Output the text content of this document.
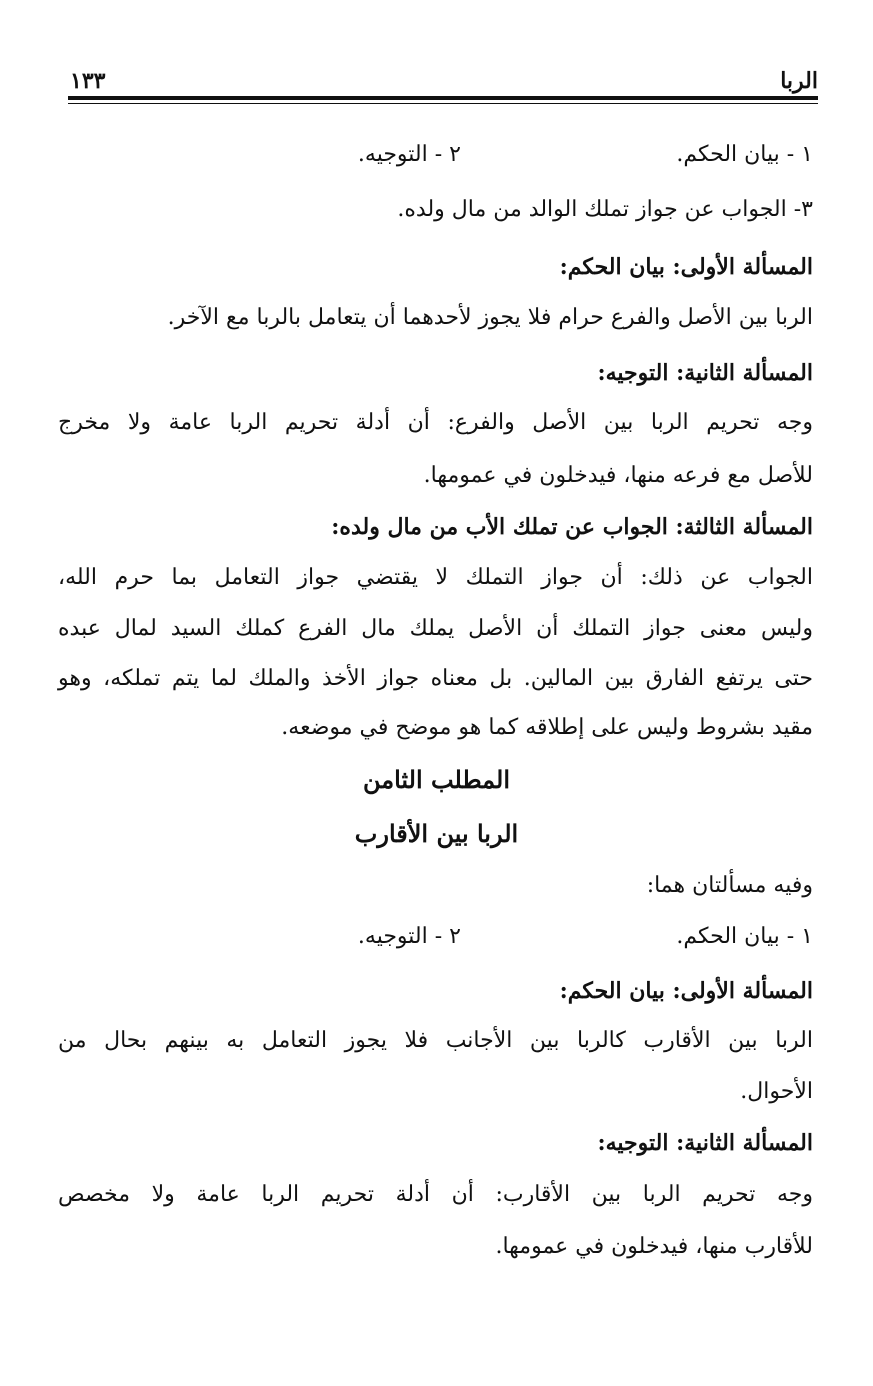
الربا
١٣٣
١ - بيان الحكم.
٢ - التوجيه.
٣- الجواب عن جواز تملك الوالد من مال ولده.
المسألة الأولى: بيان الحكم:
الربا بين الأصل والفرع حرام فلا يجوز لأحدهما أن يتعامل بالربا مع الآخر.
المسألة الثانية: التوجيه:
وجه تحريم الربا بين الأصل والفرع: أن أدلة تحريم الربا عامة ولا مخرج
للأصل مع فرعه منها، فيدخلون في عمومها.
المسألة الثالثة: الجواب عن تملك الأب من مال ولده:
الجواب عن ذلك: أن جواز التملك لا يقتضي جواز التعامل بما حرم الله،
وليس معنى جواز التملك أن الأصل يملك مال الفرع كملك السيد لمال عبده
حتى يرتفع الفارق بين المالين. بل معناه جواز الأخذ والملك لما يتم تملكه، وهو
مقيد بشروط وليس على إطلاقه كما هو موضح في موضعه.
المطلب الثامن
الربا بين الأقارب
وفيه مسألتان هما:
١ - بيان الحكم.
٢ - التوجيه.
المسألة الأولى: بيان الحكم:
الربا بين الأقارب كالربا بين الأجانب فلا يجوز التعامل به بينهم بحال من
الأحوال.
المسألة الثانية: التوجيه:
وجه تحريم الربا بين الأقارب: أن أدلة تحريم الربا عامة ولا مخصص
للأقارب منها، فيدخلون في عمومها.
